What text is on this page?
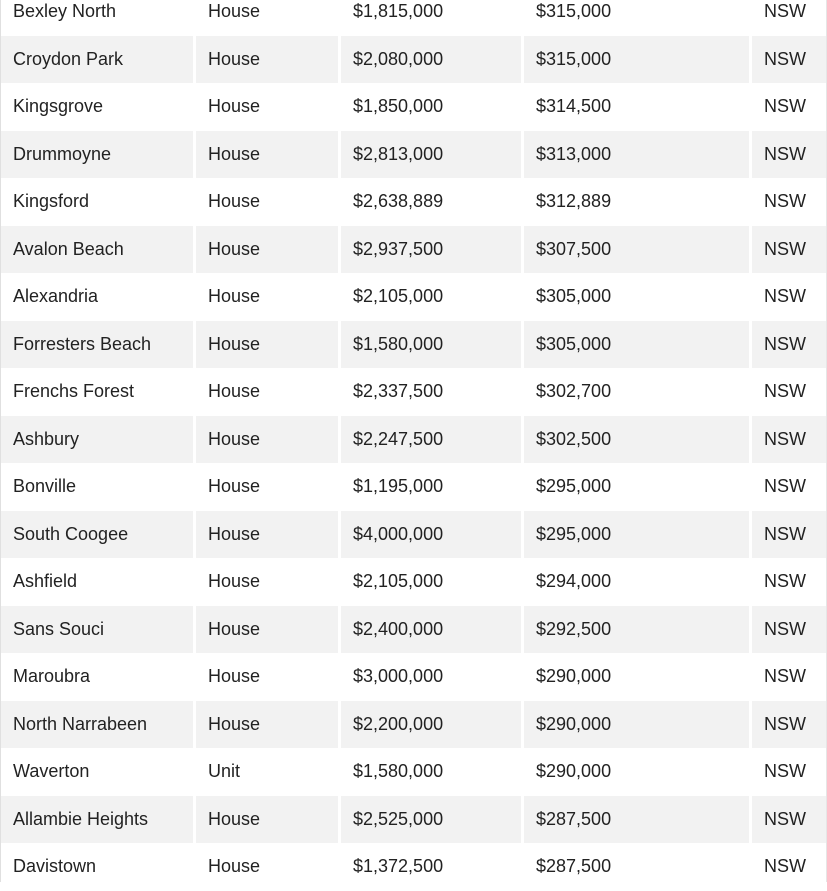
Bexley North	House	$1,815,000	$315,000	NSW
Croydon Park	House	$2,080,000	$315,000	NSW
Kingsgrove	House	$1,850,000	$314,500	NSW
Drummoyne	House	$2,813,000	$313,000	NSW
Kingsford	House	$2,638,889	$312,889	NSW
Avalon Beach	House	$2,937,500	$307,500	NSW
Alexandria	House	$2,105,000	$305,000	NSW
Forresters Beach	House	$1,580,000	$305,000	NSW
Frenchs Forest	House	$2,337,500	$302,700	NSW
Ashbury	House	$2,247,500	$302,500	NSW
Bonville	House	$1,195,000	$295,000	NSW
South Coogee	House	$4,000,000	$295,000	NSW
Ashfield	House	$2,105,000	$294,000	NSW
Sans Souci	House	$2,400,000	$292,500	NSW
Maroubra	House	$3,000,000	$290,000	NSW
North Narrabeen	House	$2,200,000	$290,000	NSW
Waverton	Unit	$1,580,000	$290,000	NSW
Allambie Heights	House	$2,525,000	$287,500	NSW
Davistown	House	$1,372,500	$287,500	NSW
